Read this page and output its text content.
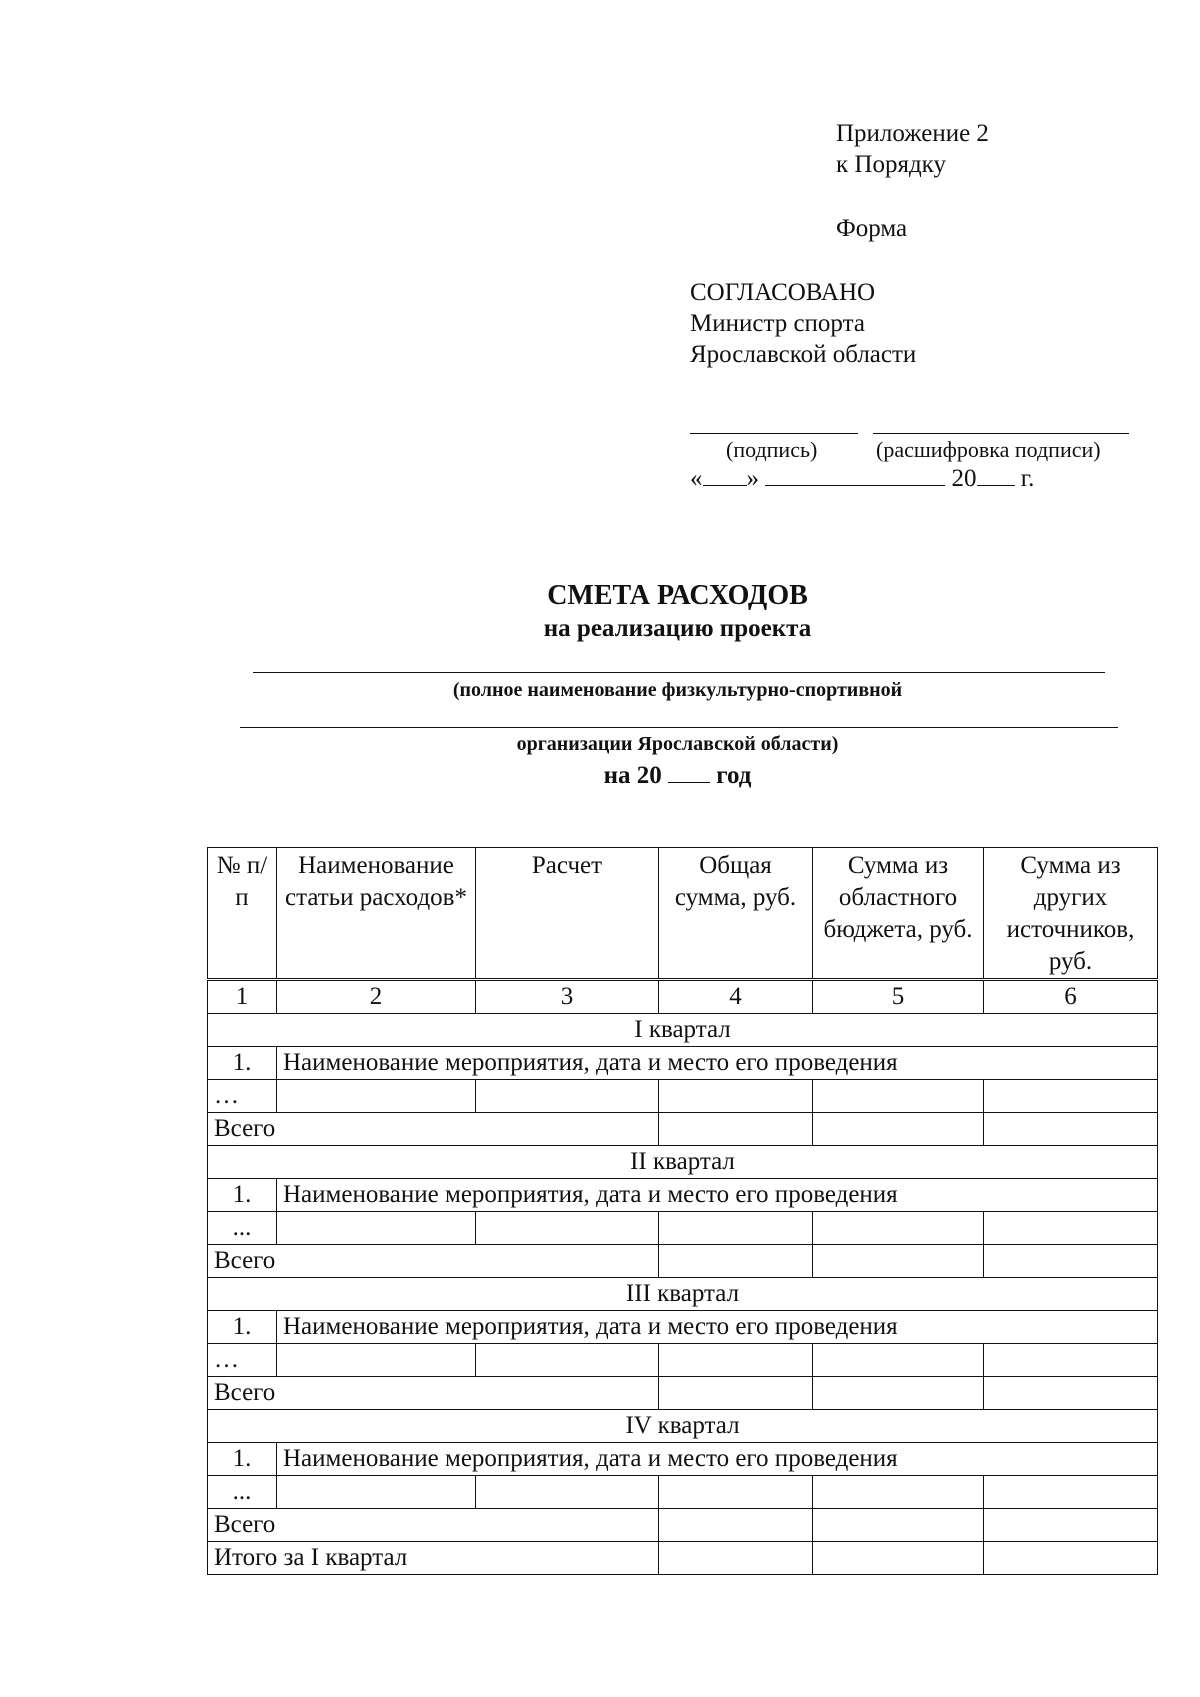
Приложение 2
к Порядку
Форма
СОГЛАСОВАНО
Министр спорта
Ярославской области
(подпись)	(расшифровка подписи)
« »	20 г.
СМЕТА РАСХОДОВ
на реализацию проекта
(полное наименование физкультурно-спортивной
организации Ярославской области)
на 20 год
№ п/п	Наименование статьи расходов*	Расчет	Общая сумма, руб.	Сумма из областного бюджета, руб.	Сумма из других источников, руб.
1	2	3	4	5	6
I квартал					
1.	Наименование мероприятия, дата и место его проведения				
…					
Всего					
II квартал					
1.	Наименование мероприятия, дата и место его проведения				
...					
Всего					
III квартал					
1.	Наименование мероприятия, дата и место его проведения				
…					
Всего					
IV квартал					
1.	Наименование мероприятия, дата и место его проведения				
...					
Всего					
Итого за I квартал					
